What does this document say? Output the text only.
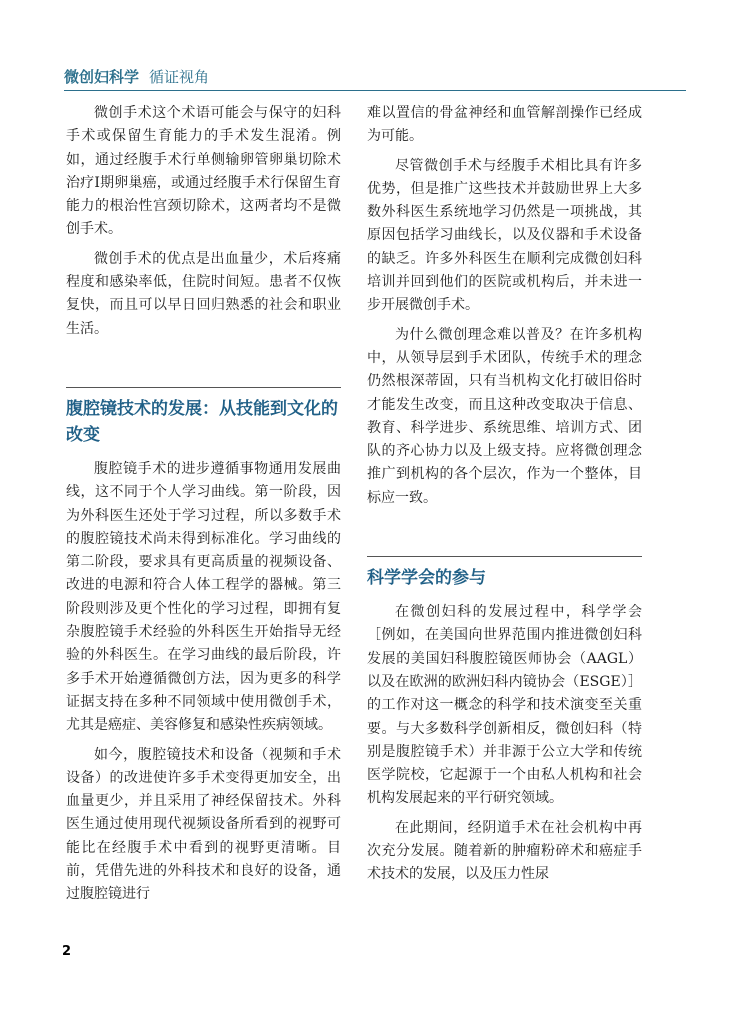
微创妇科学 循证视角

微创手术这个术语可能会与保守的妇科手术或保留生育能力的手术发生混淆。例如，通过经腹手术行单侧输卵管卵巢切除术治疗Ⅰ期卵巢癌，或通过经腹手术行保留生育能力的根治性宫颈切除术，这两者均不是微创手术。

微创手术的优点是出血量少，术后疼痛程度和感染率低，住院时间短。患者不仅恢复快，而且可以早日回归熟悉的社会和职业生活。

腹腔镜技术的发展：从技能到文化的改变

腹腔镜手术的进步遵循事物通用发展曲线，这不同于个人学习曲线。第一阶段，因为外科医生还处于学习过程，所以多数手术的腹腔镜技术尚未得到标准化。学习曲线的第二阶段，要求具有更高质量的视频设备、改进的电源和符合人体工程学的器械。第三阶段则涉及更个性化的学习过程，即拥有复杂腹腔镜手术经验的外科医生开始指导无经验的外科医生。在学习曲线的最后阶段，许多手术开始遵循微创方法，因为更多的科学证据支持在多种不同领域中使用微创手术，尤其是癌症、美容修复和感染性疾病领域。

如今，腹腔镜技术和设备（视频和手术设备）的改进使许多手术变得更加安全，出血量更少，并且采用了神经保留技术。外科医生通过使用现代视频设备所看到的视野可能比在经腹手术中看到的视野更清晰。目前，凭借先进的外科技术和良好的设备，通过腹腔镜进行

难以置信的骨盆神经和血管解剖操作已经成为可能。

尽管微创手术与经腹手术相比具有许多优势，但是推广这些技术并鼓励世界上大多数外科医生系统地学习仍然是一项挑战，其原因包括学习曲线长，以及仪器和手术设备的缺乏。许多外科医生在顺利完成微创妇科培训并回到他们的医院或机构后，并未进一步开展微创手术。

为什么微创理念难以普及？在许多机构中，从领导层到手术团队，传统手术的理念仍然根深蒂固，只有当机构文化打破旧俗时才能发生改变，而且这种改变取决于信息、教育、科学进步、系统思维、培训方式、团队的齐心协力以及上级支持。应将微创理念推广到机构的各个层次，作为一个整体，目标应一致。

科学学会的参与

在微创妇科的发展过程中，科学学会［例如，在美国向世界范围内推进微创妇科发展的美国妇科腹腔镜医师协会（AAGL）以及在欧洲的欧洲妇科内镜协会（ESGE）］的工作对这一概念的科学和技术演变至关重要。与大多数科学创新相反，微创妇科（特别是腹腔镜手术）并非源于公立大学和传统医学院校，它起源于一个由私人机构和社会机构发展起来的平行研究领域。

在此期间，经阴道手术在社会机构中再次充分发展。随着新的肿瘤粉碎术和癌症手术技术的发展，以及压力性尿

2
